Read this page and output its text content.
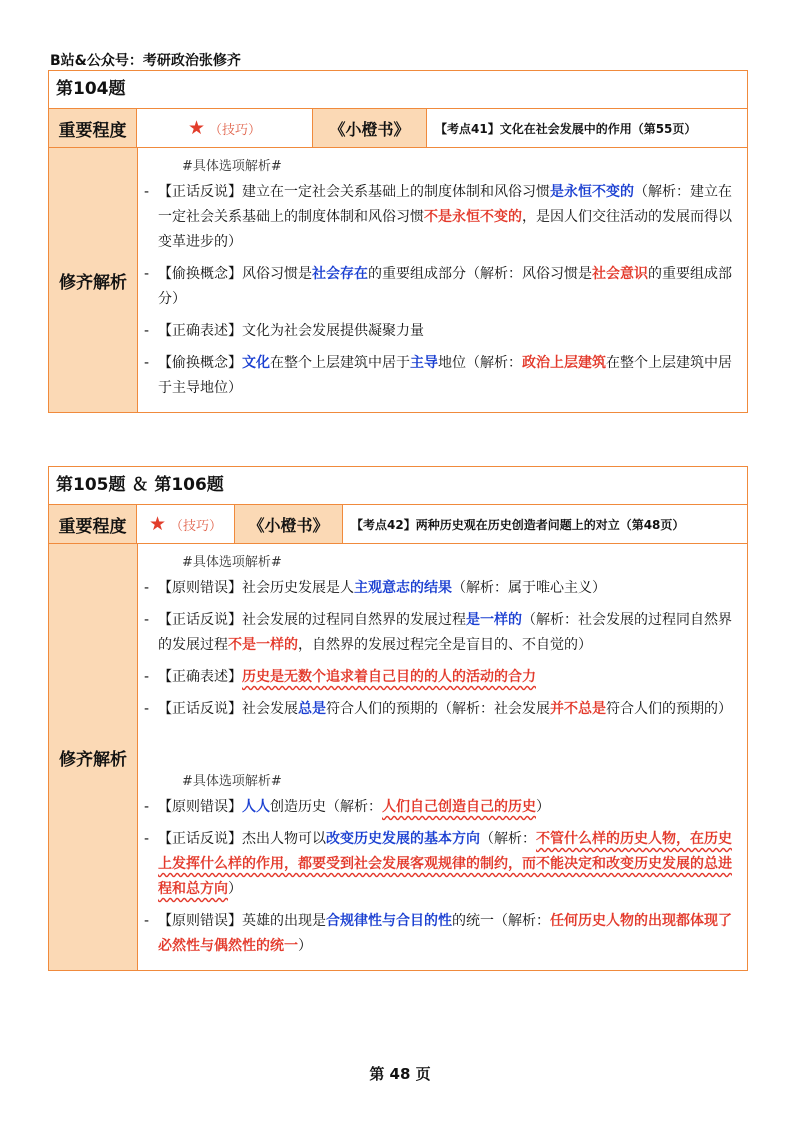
B站&公众号：考研政治张修齐
第104题
重要程度	★ （技巧）	《小橙书》	【考点41】文化在社会发展中的作用（第55页）
修齐解析
#具体选项解析#
- 【正话反说】建立在一定社会关系基础上的制度体制和风俗习惯是永恒不变的（解析：建立在一定社会关系基础上的制度体制和风俗习惯不是永恒不变的，是因人们交往活动的发展而得以变革进步的）
- 【偷换概念】风俗习惯是社会存在的重要组成部分（解析：风俗习惯是社会意识的重要组成部分）
- 【正确表述】文化为社会发展提供凝聚力量
- 【偷换概念】文化在整个上层建筑中居于主导地位（解析：政治上层建筑在整个上层建筑中居于主导地位）
第105题 ＆ 第106题
重要程度	★ （技巧）	《小橙书》	【考点42】两种历史观在历史创造者问题上的对立（第48页）
修齐解析
#具体选项解析#
- 【原则错误】社会历史发展是人主观意志的结果（解析：属于唯心主义）
- 【正话反说】社会发展的过程同自然界的发展过程是一样的（解析：社会发展的过程同自然界的发展过程不是一样的，自然界的发展过程完全是盲目的、不自觉的）
- 【正确表述】历史是无数个追求着自己目的的人的活动的合力
- 【正话反说】社会发展总是符合人们的预期的（解析：社会发展并不总是符合人们的预期的）
#具体选项解析#
- 【原则错误】人人创造历史（解析：人们自己创造自己的历史）
- 【正话反说】杰出人物可以改变历史发展的基本方向（解析：不管什么样的历史人物，在历史上发挥什么样的作用，都要受到社会发展客观规律的制约，而不能决定和改变历史发展的总进程和总方向）
- 【原则错误】英雄的出现是合规律性与合目的性的统一（解析：任何历史人物的出现都体现了必然性与偶然性的统一）
第 48 页
